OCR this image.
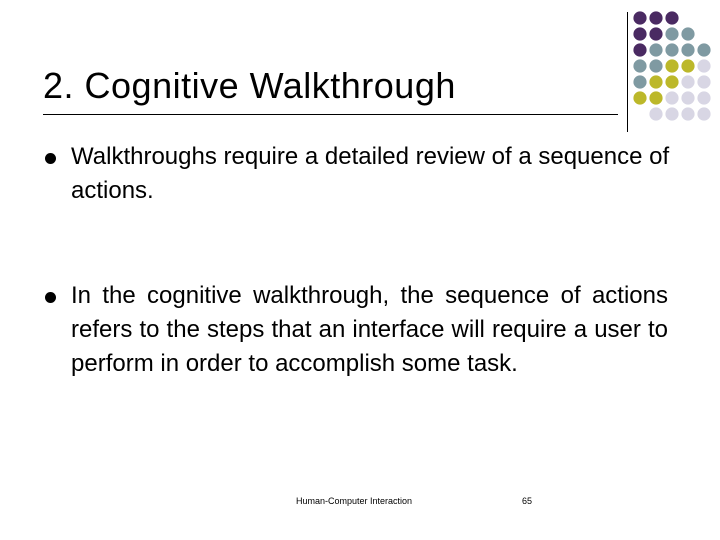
2. Cognitive Walkthrough

Walkthroughs require a detailed review of a sequence of actions.

In the cognitive walkthrough, the sequence of actions refers to the steps that an interface will require a user to perform in order to accomplish some task.

Human-Computer Interaction	65
